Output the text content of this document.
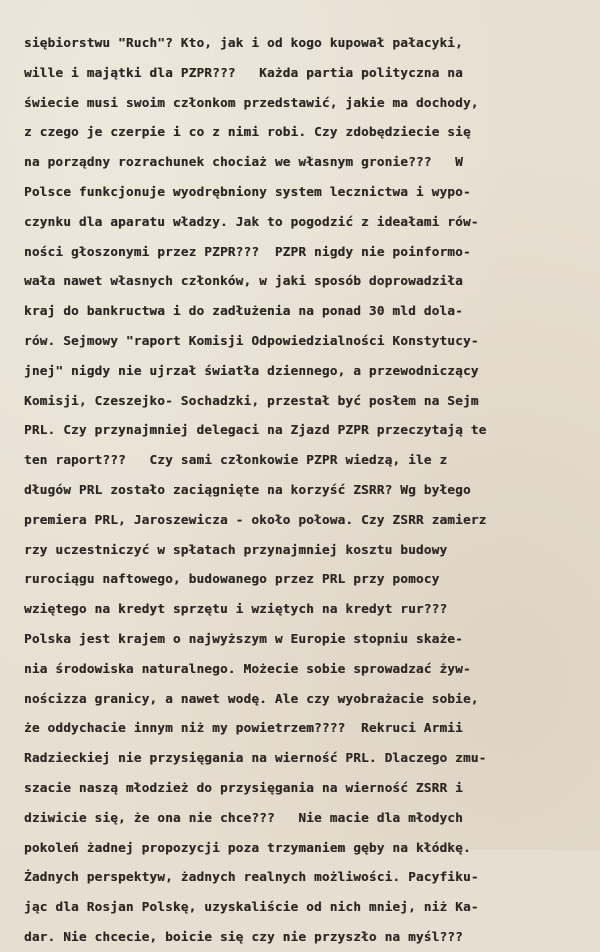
siębiorstwu "Ruch"? Kto, jak i od kogo kupował pałacyki,
wille i majątki dla PZPR???   Każda partia polityczna na
świecie musi swoim członkom przedstawić, jakie ma dochody,
z czego je czerpie i co z nimi robi. Czy zdobędziecie się
na porządny rozrachunek chociaż we własnym gronie???   W
Polsce funkcjonuje wyodrębniony system lecznictwa i wypo-
czynku dla aparatu władzy. Jak to pogodzić z ideałami rów-
ności głoszonymi przez PZPR???  PZPR nigdy nie poinformo-
wała nawet własnych członków, w jaki sposób doprowadziła
kraj do bankructwa i do zadłużenia na ponad 30 mld dola-
rów. Sejmowy "raport Komisji Odpowiedzialności Konstytucy-
jnej" nigdy nie ujrzał światła dziennego, a przewodniczący
Komisji, Czeszejko- Sochadzki, przestał być posłem na Sejm
PRL. Czy przynajmniej delegaci na Zjazd PZPR przeczytają te
ten raport???   Czy sami członkowie PZPR wiedzą, ile z
długów PRL zostało zaciągnięte na korzyść ZSRR? Wg byłego
premiera PRL, Jaroszewicza - około połowa. Czy ZSRR zamierz
rzy uczestniczyć w spłatach przynajmniej kosztu budowy
rurociągu naftowego, budowanego przez PRL przy pomocy
wziętego na kredyt sprzętu i wziętych na kredyt rur???
Polska jest krajem o najwyższym w Europie stopniu skaże-
nia środowiska naturalnego. Możecie sobie sprowadzać żyw-
nościzza granicy, a nawet wodę. Ale czy wyobrażacie sobie,
że oddychacie innym niż my powietrzem????  Rekruci Armii
Radzieckiej nie przysięgania na wierność PRL. Dlaczego zmu-
szacie naszą młodzież do przysięgania na wierność ZSRR i
dziwicie się, że ona nie chce???   Nie macie dla młodych
pokoleń żadnej propozycji poza trzymaniem gęby na kłódkę.
Żadnych perspektyw, żadnych realnych możliwości. Pacyfiku-
jąc dla Rosjan Polskę, uzyskaliście od nich mniej, niż Ka-
dar. Nie chcecie, boicie się czy nie przyszło na myśl???
